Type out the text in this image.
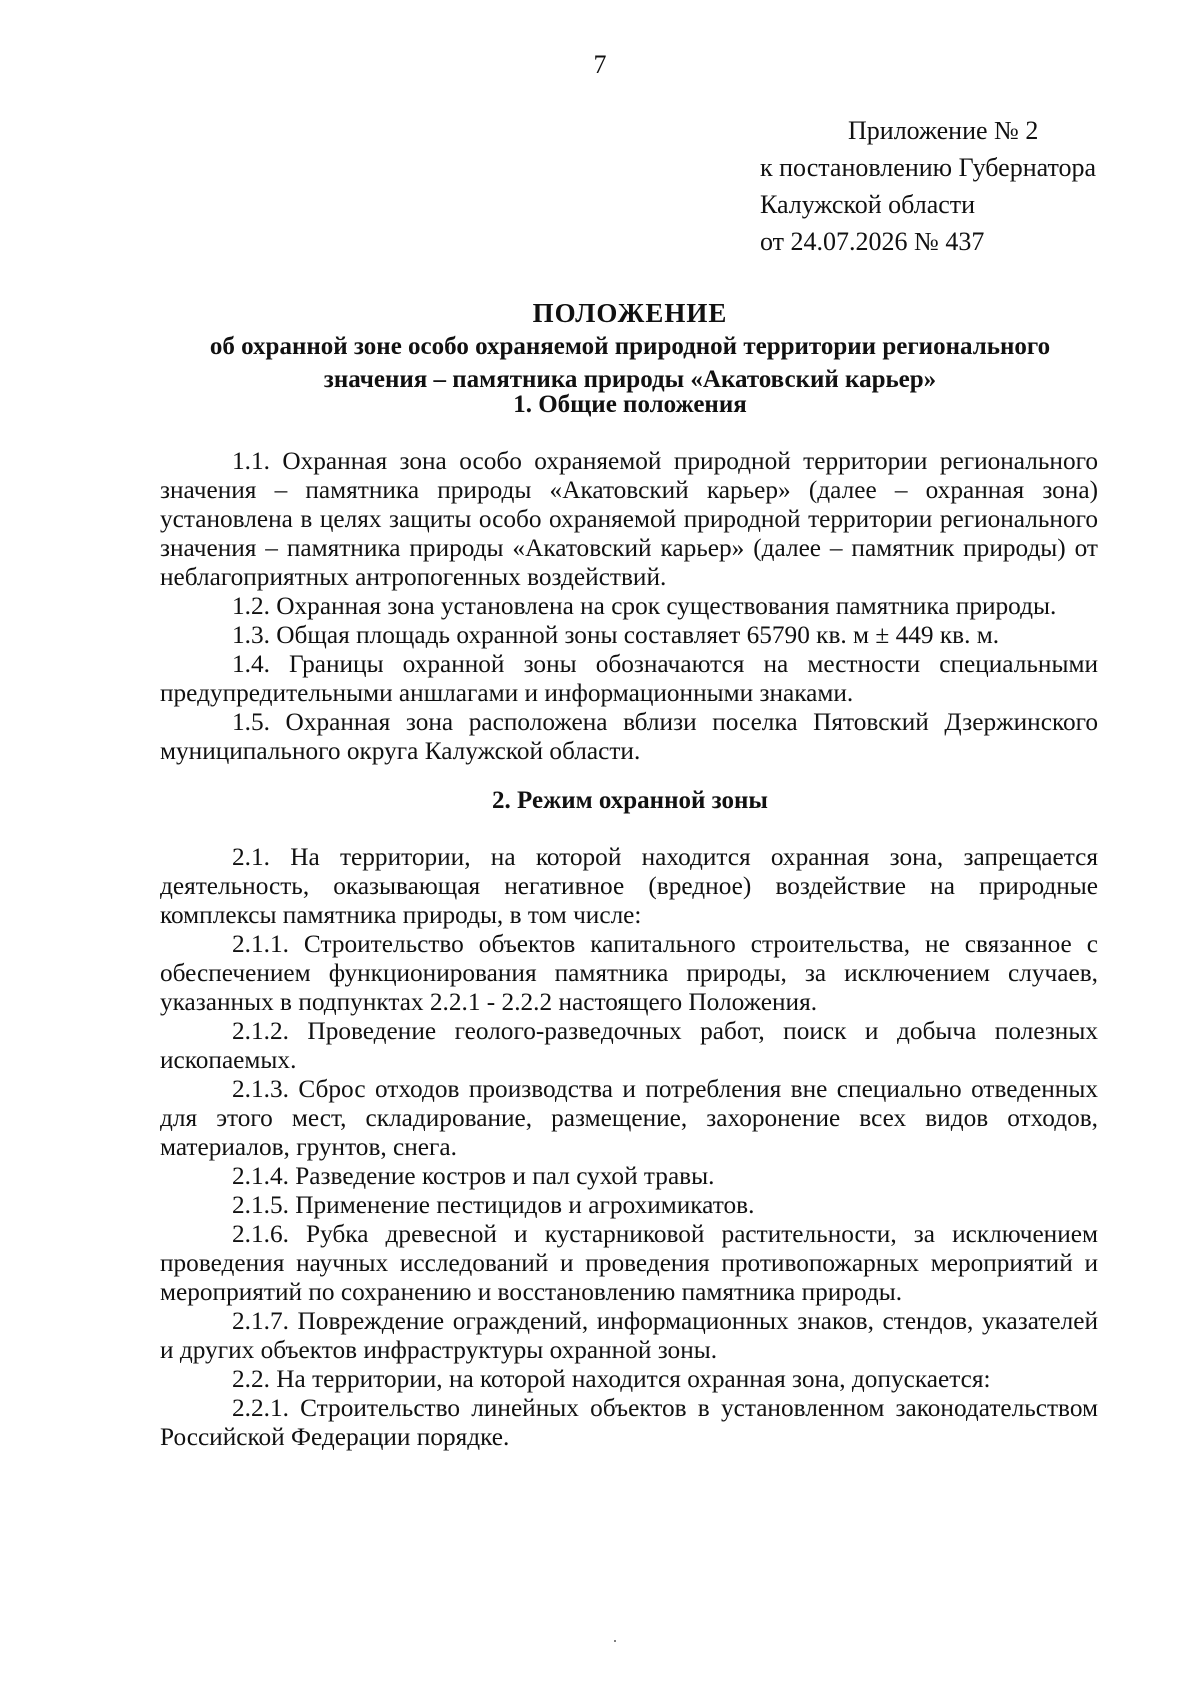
7
Приложение № 2
к постановлению Губернатора
Калужской области
от 24.07.2026 № 437
ПОЛОЖЕНИЕ
об охранной зоне особо охраняемой природной территории регионального
значения – памятника природы «Акатовский карьер»
1. Общие положения

1.1. Охранная зона особо охраняемой природной территории регионального значения – памятника природы «Акатовский карьер» (далее – охранная зона) установлена в целях защиты особо охраняемой природной территории регионального значения – памятника природы «Акатовский карьер» (далее – памятник природы) от неблагоприятных антропогенных воздействий.

1.2. Охранная зона установлена на срок существования памятника природы.

1.3. Общая площадь охранной зоны составляет 65790 кв. м ± 449 кв. м.

1.4. Границы охранной зоны обозначаются на местности специальными предупредительными аншлагами и информационными знаками.

1.5. Охранная зона расположена вблизи поселка Пятовский Дзержинского муниципального округа Калужской области.

2. Режим охранной зоны

2.1. На территории, на которой находится охранная зона, запрещается деятельность, оказывающая негативное (вредное) воздействие на природные комплексы памятника природы, в том числе:

2.1.1. Строительство объектов капитального строительства, не связанное с обеспечением функционирования памятника природы, за исключением случаев, указанных в подпунктах 2.2.1 - 2.2.2 настоящего Положения.

2.1.2. Проведение геолого-разведочных работ, поиск и добыча полезных ископаемых.

2.1.3. Сброс отходов производства и потребления вне специально отведенных для этого мест, складирование, размещение, захоронение всех видов отходов, материалов, грунтов, снега.

2.1.4. Разведение костров и пал сухой травы.

2.1.5. Применение пестицидов и агрохимикатов.

2.1.6. Рубка древесной и кустарниковой растительности, за исключением проведения научных исследований и проведения противопожарных мероприятий и мероприятий по сохранению и восстановлению памятника природы.

2.1.7. Повреждение ограждений, информационных знаков, стендов, указателей и других объектов инфраструктуры охранной зоны.

2.2. На территории, на которой находится охранная зона, допускается:

2.2.1. Строительство линейных объектов в установленном законодательством Российской Федерации порядке.
